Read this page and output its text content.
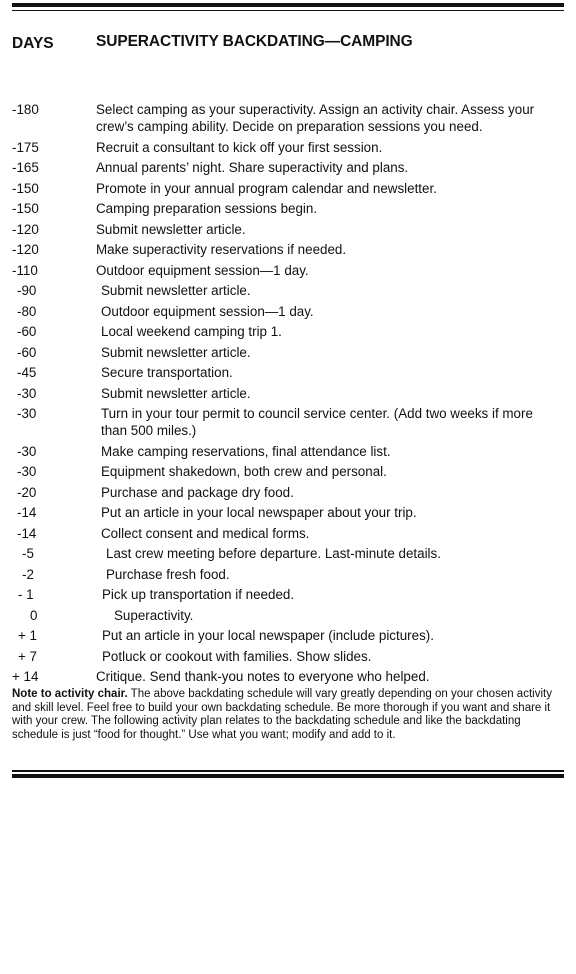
DAYS	SUPERACTIVITY BACKDATING—CAMPING
-180	Select camping as your superactivity. Assign an activity chair. Assess your crew’s camping ability. Decide on preparation sessions you need.
-175	Recruit a consultant to kick off your first session.
-165	Annual parents’ night. Share superactivity and plans.
-150	Promote in your annual program calendar and newsletter.
-150	Camping preparation sessions begin.
-120	Submit newsletter article.
-120	Make superactivity reservations if needed.
-110	Outdoor equipment session—1 day.
-90	Submit newsletter article.
-80	Outdoor equipment session—1 day.
-60	Local weekend camping trip 1.
-60	Submit newsletter article.
-45	Secure transportation.
-30	Submit newsletter article.
-30	Turn in your tour permit to council service center. (Add two weeks if more than 500 miles.)
-30	Make camping reservations, final attendance list.
-30	Equipment shakedown, both crew and personal.
-20	Purchase and package dry food.
-14	Put an article in your local newspaper about your trip.
-14	Collect consent and medical forms.
-5	Last crew meeting before departure. Last-minute details.
-2	Purchase fresh food.
- 1	Pick up transportation if needed.
0	Superactivity.
+ 1	Put an article in your local newspaper (include pictures).
+ 7	Potluck or cookout with families. Show slides.
+ 14	Critique. Send thank-you notes to everyone who helped.
Note to activity chair. The above backdating schedule will vary greatly depending on your chosen activity and skill level. Feel free to build your own backdating schedule. Be more thorough if you want and share it with your crew. The following activity plan relates to the backdating schedule and like the backdating schedule is just “food for thought.” Use what you want; modify and add to it.
